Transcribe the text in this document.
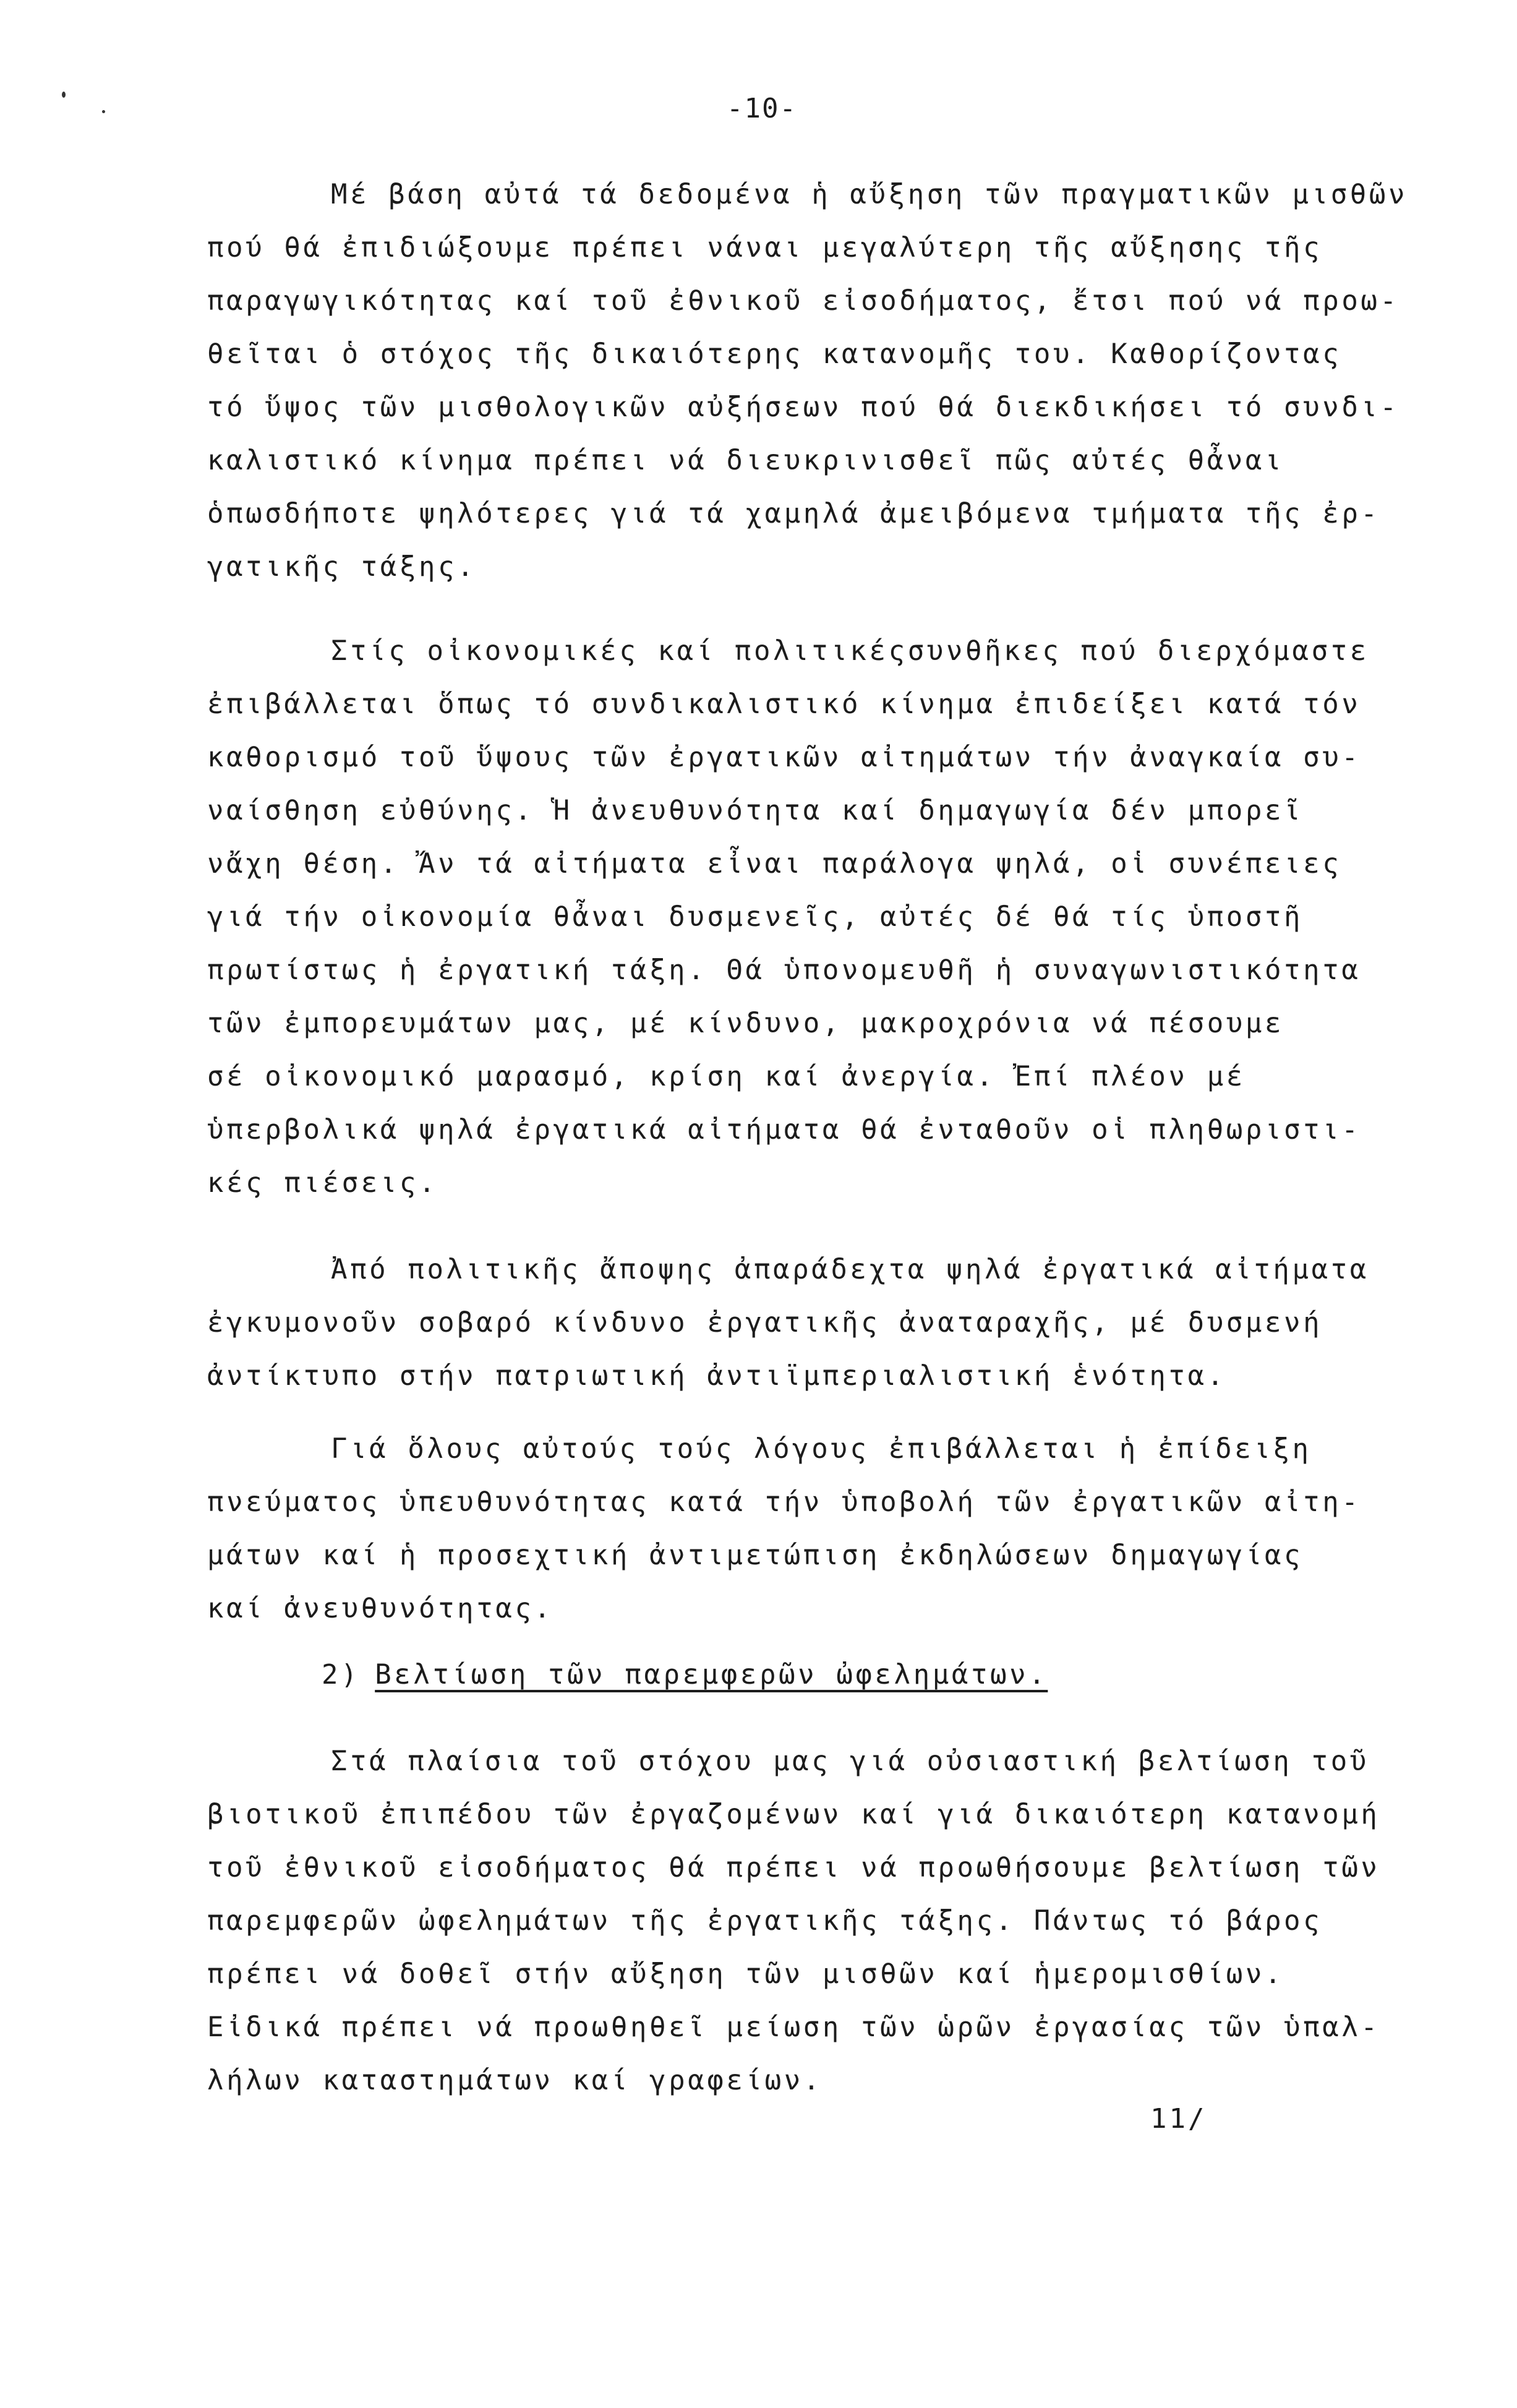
-10-
Μέ βάση αὐτά τά δεδομένα ἡ αὔξηση τῶν πραγματικῶν μισθῶν
πού θά ἐπιδιώξουμε πρέπει νάναι μεγαλύτερη τῆς αὔξησης τῆς
παραγωγικότητας καί τοῦ ἐθνικοῦ εἰσοδήματος, ἔτσι πού νά προω-
θεῖται ὁ στόχος τῆς δικαιότερης κατανομῆς του. Καθορίζοντας
τό ὕψος τῶν μισθολογικῶν αὐξήσεων πού θά διεκδικήσει τό συνδι-
καλιστικό κίνημα πρέπει νά διευκρινισθεῖ πῶς αὐτές θἆναι
ὁπωσδήποτε ψηλότερες γιά τά χαμηλά ἀμειβόμενα τμήματα τῆς ἐρ-
γατικῆς τάξης.
Στίς οἰκονομικές καί πολιτικέςσυνθῆκες πού διερχόμαστε
ἐπιβάλλεται ὅπως τό συνδικαλιστικό κίνημα ἐπιδείξει κατά τόν
καθορισμό τοῦ ὕψους τῶν ἐργατικῶν αἰτημάτων τήν ἀναγκαία συ-
ναίσθηση εὐθύνης. Ἡ ἀνευθυνότητα καί δημαγωγία δέν μπορεῖ
νἄχη θέση. Ἄν τά αἰτήματα εἶναι παράλογα ψηλά, οἱ συνέπειες
γιά τήν οἰκονομία θἆναι δυσμενεῖς, αὐτές δέ θά τίς ὑποστῆ
πρωτίστως ἡ ἐργατική τάξη. Θά ὑπονομευθῆ ἡ συναγωνιστικότητα
τῶν ἐμπορευμάτων μας, μέ κίνδυνο, μακροχρόνια νά πέσουμε
σέ οἰκονομικό μαρασμό, κρίση καί ἀνεργία. Ἐπί πλέον μέ
ὑπερβολικά ψηλά ἐργατικά αἰτήματα θά ἐνταθοῦν οἱ πληθωριστι-
κές πιέσεις.
Ἀπό πολιτικῆς ἄποψης ἀπαράδεχτα ψηλά ἐργατικά αἰτήματα
ἐγκυμονοῦν σοβαρό κίνδυνο ἐργατικῆς ἀναταραχῆς, μέ δυσμενή
ἀντίκτυπο στήν πατριωτική ἀντιϊμπεριαλιστική ἑνότητα.
Γιά ὅλους αὐτούς τούς λόγους ἐπιβάλλεται ἡ ἐπίδειξη
πνεύματος ὑπευθυνότητας κατά τήν ὑποβολή τῶν ἐργατικῶν αἰτη-
μάτων καί ἡ προσεχτική ἀντιμετώπιση ἐκδηλώσεων δημαγωγίας
καί ἀνευθυνότητας.
2) Βελτίωση τῶν παρεμφερῶν ὠφελημάτων.
Στά πλαίσια τοῦ στόχου μας γιά οὐσιαστική βελτίωση τοῦ
βιοτικοῦ ἐπιπέδου τῶν ἐργαζομένων καί γιά δικαιότερη κατανομή
τοῦ ἐθνικοῦ εἰσοδήματος θά πρέπει νά προωθήσουμε βελτίωση τῶν
παρεμφερῶν ὠφελημάτων τῆς ἐργατικῆς τάξης. Πάντως τό βάρος
πρέπει νά δοθεῖ στήν αὔξηση τῶν μισθῶν καί ἡμερομισθίων.
Εἰδικά πρέπει νά προωθηθεῖ μείωση τῶν ὡρῶν ἐργασίας τῶν ὑπαλ-
λήλων καταστημάτων καί γραφείων.
11/
